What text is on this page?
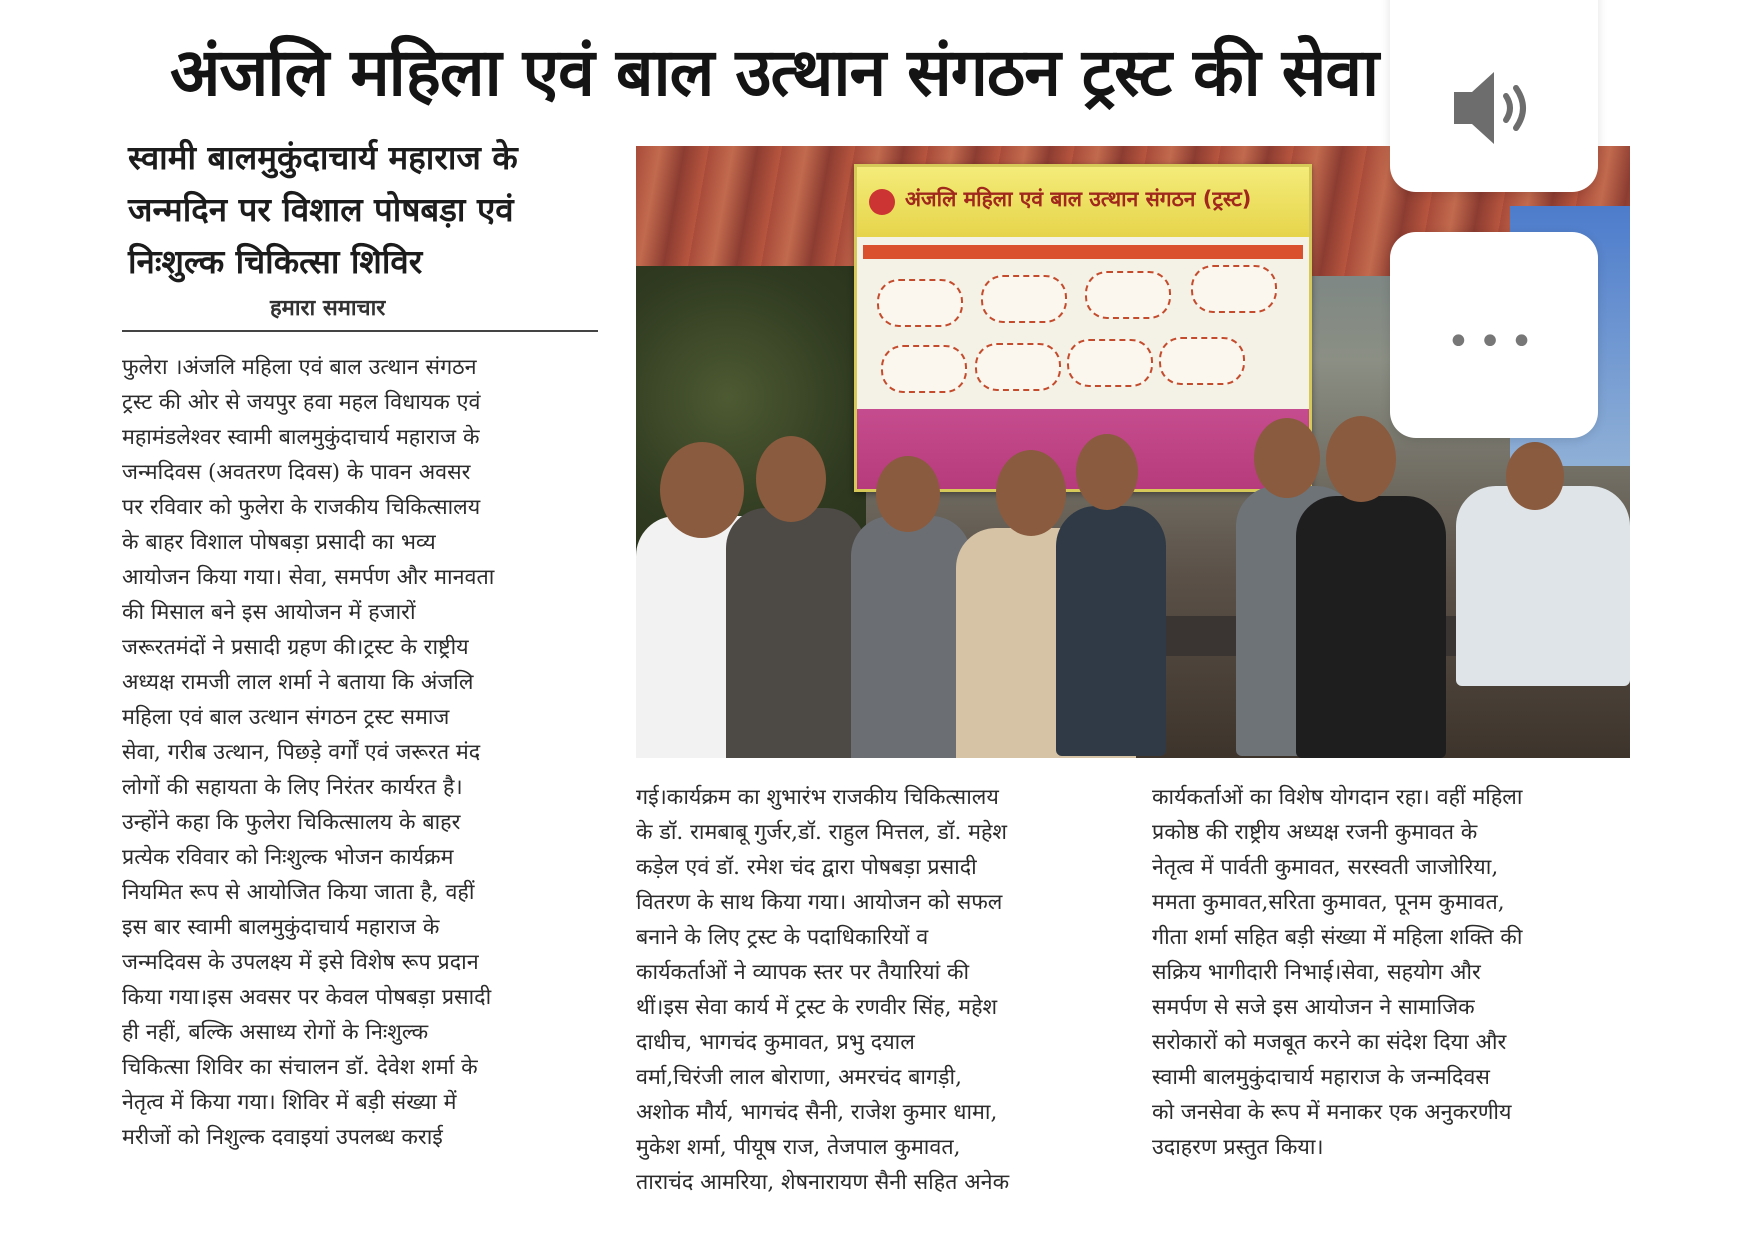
अंजलि महिला एवं बाल उत्थान संगठन ट्रस्ट की सेवा
स्वामी बालमुकुंदाचार्य महाराज के
जन्मदिन पर विशाल पोषबड़ा एवं
निःशुल्क चिकित्सा शिविर
हमारा समाचार
फुलेरा ।अंजलि महिला एवं बाल उत्थान संगठन
ट्रस्ट की ओर से जयपुर हवा महल विधायक एवं
महामंडलेश्वर स्वामी बालमुकुंदाचार्य महाराज के
जन्मदिवस (अवतरण दिवस) के पावन अवसर
पर रविवार को फुलेरा के राजकीय चिकित्सालय
के बाहर विशाल पोषबड़ा प्रसादी का भव्य
आयोजन किया गया। सेवा, समर्पण और मानवता
की मिसाल बने इस आयोजन में हजारों
जरूरतमंदों ने प्रसादी ग्रहण की।ट्रस्ट के राष्ट्रीय
अध्यक्ष रामजी लाल शर्मा ने बताया कि अंजलि
महिला एवं बाल उत्थान संगठन ट्रस्ट समाज
सेवा, गरीब उत्थान, पिछड़े वर्गों एवं जरूरत मंद
लोगों की सहायता के लिए निरंतर कार्यरत है।
उन्होंने कहा कि फुलेरा चिकित्सालय के बाहर
प्रत्येक रविवार को निःशुल्क भोजन कार्यक्रम
नियमित रूप से आयोजित किया जाता है, वहीं
इस बार स्वामी बालमुकुंदाचार्य महाराज के
जन्मदिवस के उपलक्ष्य में इसे विशेष रूप प्रदान
किया गया।इस अवसर पर केवल पोषबड़ा प्रसादी
ही नहीं, बल्कि असाध्य रोगों के निःशुल्क
चिकित्सा शिविर का संचालन डॉ. देवेश शर्मा के
नेतृत्व में किया गया। शिविर में बड़ी संख्या में
मरीजों को निशुल्क दवाइयां उपलब्ध कराई
अंजलि महिला एवं बाल उत्थान संगठन (ट्रस्ट)
गई।कार्यक्रम का शुभारंभ राजकीय चिकित्सालय
के डॉ. रामबाबू गुर्जर,डॉ. राहुल मित्तल, डॉ. महेश
कड़ेल एवं डॉ. रमेश चंद द्वारा पोषबड़ा प्रसादी
वितरण के साथ किया गया। आयोजन को सफल
बनाने के लिए ट्रस्ट के पदाधिकारियों व
कार्यकर्ताओं ने व्यापक स्तर पर तैयारियां की
थीं।इस सेवा कार्य में ट्रस्ट के रणवीर सिंह, महेश
दाधीच, भागचंद कुमावत, प्रभु दयाल
वर्मा,चिरंजी लाल बोराणा, अमरचंद बागड़ी,
अशोक मौर्य, भागचंद सैनी, राजेश कुमार धामा,
मुकेश शर्मा, पीयूष राज, तेजपाल कुमावत,
ताराचंद आमरिया, शेषनारायण सैनी सहित अनेक
कार्यकर्ताओं का विशेष योगदान रहा। वहीं महिला
प्रकोष्ठ की राष्ट्रीय अध्यक्ष रजनी कुमावत के
नेतृत्व में पार्वती कुमावत, सरस्वती जाजोरिया,
ममता कुमावत,सरिता कुमावत, पूनम कुमावत,
गीता शर्मा सहित बड़ी संख्या में महिला शक्ति की
सक्रिय भागीदारी निभाई।सेवा, सहयोग और
समर्पण से सजे इस आयोजन ने सामाजिक
सरोकारों को मजबूत करने का संदेश दिया और
स्वामी बालमुकुंदाचार्य महाराज के जन्मदिवस
को जनसेवा के रूप में मनाकर एक अनुकरणीय
उदाहरण प्रस्तुत किया।
•••
